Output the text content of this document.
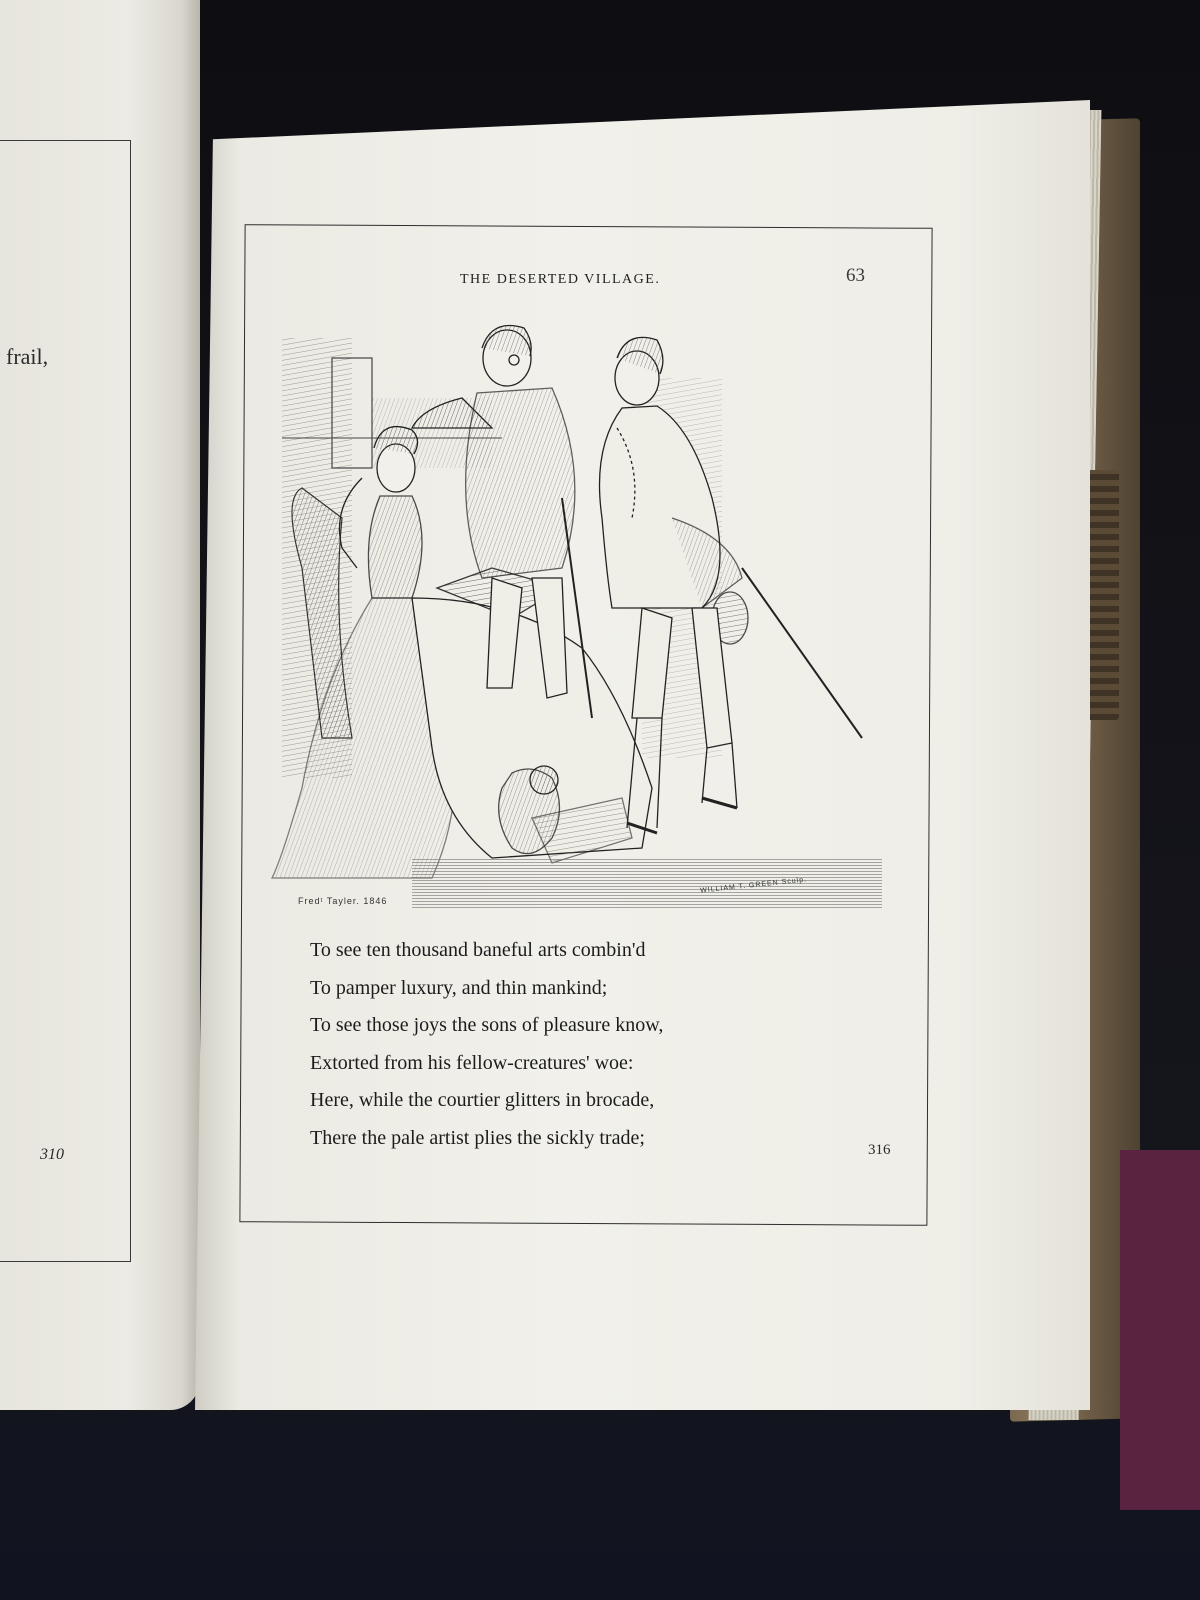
frail,
310
THE DESERTED VILLAGE.	63
Fredᵗ Tayler. 1846
WILLIAM T. GREEN Sculp.
To see ten thousand baneful arts combin'd
To pamper luxury, and thin mankind;
To see those joys the sons of pleasure know,
Extorted from his fellow-creatures' woe:
Here, while the courtier glitters in brocade,
There the pale artist plies the sickly trade;
316
